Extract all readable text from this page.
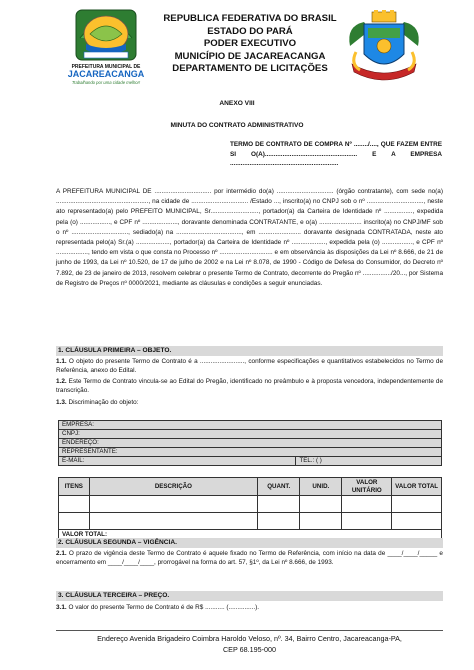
PREFEITURA MUNICIPAL DE
JACAREACANGA
Trabalhando por uma cidade melhor!
REPUBLICA FEDERATIVA DO BRASIL
ESTADO DO PARÁ
PODER EXECUTIVO
MUNICÍPIO DE JACAREACANGA
DEPARTAMENTO DE LICITAÇÕES
ANEXO VIII
MINUTA DO CONTRATO ADMINISTRATIVO
TERMO DE CONTRATO DE COMPRA Nº ......../...., QUE FAZEM ENTRE SI O(A).................................................... E A EMPRESA .............................................................
A PREFEITURA MUNICIPAL DE ................................ por intermédio do(a) ................................ (órgão contratante), com sede no(a) ...................................................., na cidade de ................................ /Estado ..., inscrito(a) no CNPJ sob o nº ................................, neste ato representado(a) pelo PREFEITO MUNICIPAL, Sr..........................., portador(a) da Carteira de Identidade nº ................, expedida pela (o) ................., e CPF nº ...................., doravante denominada CONTRATANTE, e o(a) ........................ inscrito(a) no CNPJ/MF sob o nº ................................, sediado(a) na ....................................., em ........................ doravante designada CONTRATADA, neste ato representada pelo(a) Sr.(a) ..................., portador(a) da Carteira de Identidade nº ..................., expedida pela (o) ................., e CPF nº .................., tendo em vista o que consta no Processo nº .............................. e em observância às disposições da Lei nº 8.666, de 21 de junho de 1993, da Lei nº 10.520, de 17 de julho de 2002 e na Lei nº 8.078, de 1990 - Código de Defesa do Consumidor, do Decreto nº 7.892, de 23 de janeiro de 2013, resolvem celebrar o presente Termo de Contrato, decorrente do Pregão nº ................/20..., por Sistema de Registro de Preços nº 0000/2021, mediante as cláusulas e condições a seguir enunciadas.
1. CLÁUSULA PRIMEIRA – OBJETO.
1.1. O objeto do presente Termo de Contrato é a ........................., conforme especificações e quantitativos estabelecidos no Termo de Referência, anexo do Edital.
1.2. Este Termo de Contrato vincula-se ao Edital do Pregão, identificado no preâmbulo e à proposta vencedora, independentemente de transcrição.
1.3. Discriminação do objeto:
EMPRESA:
CNPJ:
ENDEREÇO:
REPRESENTANTE:
E-MAIL:	TEL.: ( )
ITENS	DESCRIÇÃO	QUANT.	UNID.	VALOR UNITÁRIO	VALOR TOTAL

VALOR TOTAL:					
2. CLÁUSULA SEGUNDA – VIGÊNCIA.
2.1. O prazo de vigência deste Termo de Contrato é aquele fixado no Termo de Referência, com início na data de ____/____/_____ e encerramento em ____/____/____, prorrogável na forma do art. 57, §1º, da Lei nº 8.666, de 1993.
3. CLÁUSULA TERCEIRA – PREÇO.
3.1. O valor do presente Termo de Contrato é de R$ ........... (...............).
Endereço Avenida Brigadeiro Coimbra Haroldo Veloso, nº. 34, Bairro Centro, Jacareacanga-PA,
CEP 68.195-000
